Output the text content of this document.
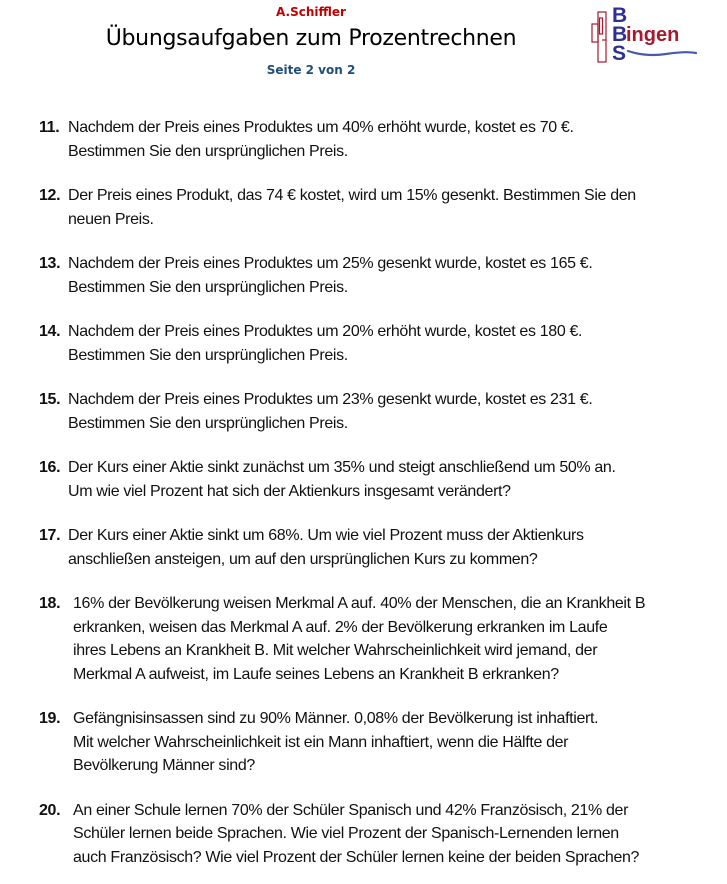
A.Schiffler
Übungsaufgaben zum Prozentrechnen
Seite 2 von 2
B
B
S
ingen
11. Nachdem der Preis eines Produktes um 40% erhöht wurde, kostet es 70 €.
Bestimmen Sie den ursprünglichen Preis.
12. Der Preis eines Produkt, das 74 € kostet, wird um 15% gesenkt. Bestimmen Sie den
neuen Preis.
13. Nachdem der Preis eines Produktes um 25% gesenkt wurde, kostet es 165 €.
Bestimmen Sie den ursprünglichen Preis.
14. Nachdem der Preis eines Produktes um 20% erhöht wurde, kostet es 180 €.
Bestimmen Sie den ursprünglichen Preis.
15. Nachdem der Preis eines Produktes um 23% gesenkt wurde, kostet es 231 €.
Bestimmen Sie den ursprünglichen Preis.
16. Der Kurs einer Aktie sinkt zunächst um 35% und steigt anschließend um 50% an.
Um wie viel Prozent hat sich der Aktienkurs insgesamt verändert?
17. Der Kurs einer Aktie sinkt um 68%. Um wie viel Prozent muss der Aktienkurs
anschließen ansteigen, um auf den ursprünglichen Kurs zu kommen?
18. 16% der Bevölkerung weisen Merkmal A auf. 40% der Menschen, die an Krankheit B
erkranken, weisen das Merkmal A auf. 2% der Bevölkerung erkranken im Laufe
ihres Lebens an Krankheit B. Mit welcher Wahrscheinlichkeit wird jemand, der
Merkmal A aufweist, im Laufe seines Lebens an Krankheit B erkranken?
19. Gefängnisinsassen sind zu 90% Männer. 0,08% der Bevölkerung ist inhaftiert.
Mit welcher Wahrscheinlichkeit ist ein Mann inhaftiert, wenn die Hälfte der
Bevölkerung Männer sind?
20. An einer Schule lernen 70% der Schüler Spanisch und 42% Französisch, 21% der
Schüler lernen beide Sprachen. Wie viel Prozent der Spanisch-Lernenden lernen
auch Französisch? Wie viel Prozent der Schüler lernen keine der beiden Sprachen?
